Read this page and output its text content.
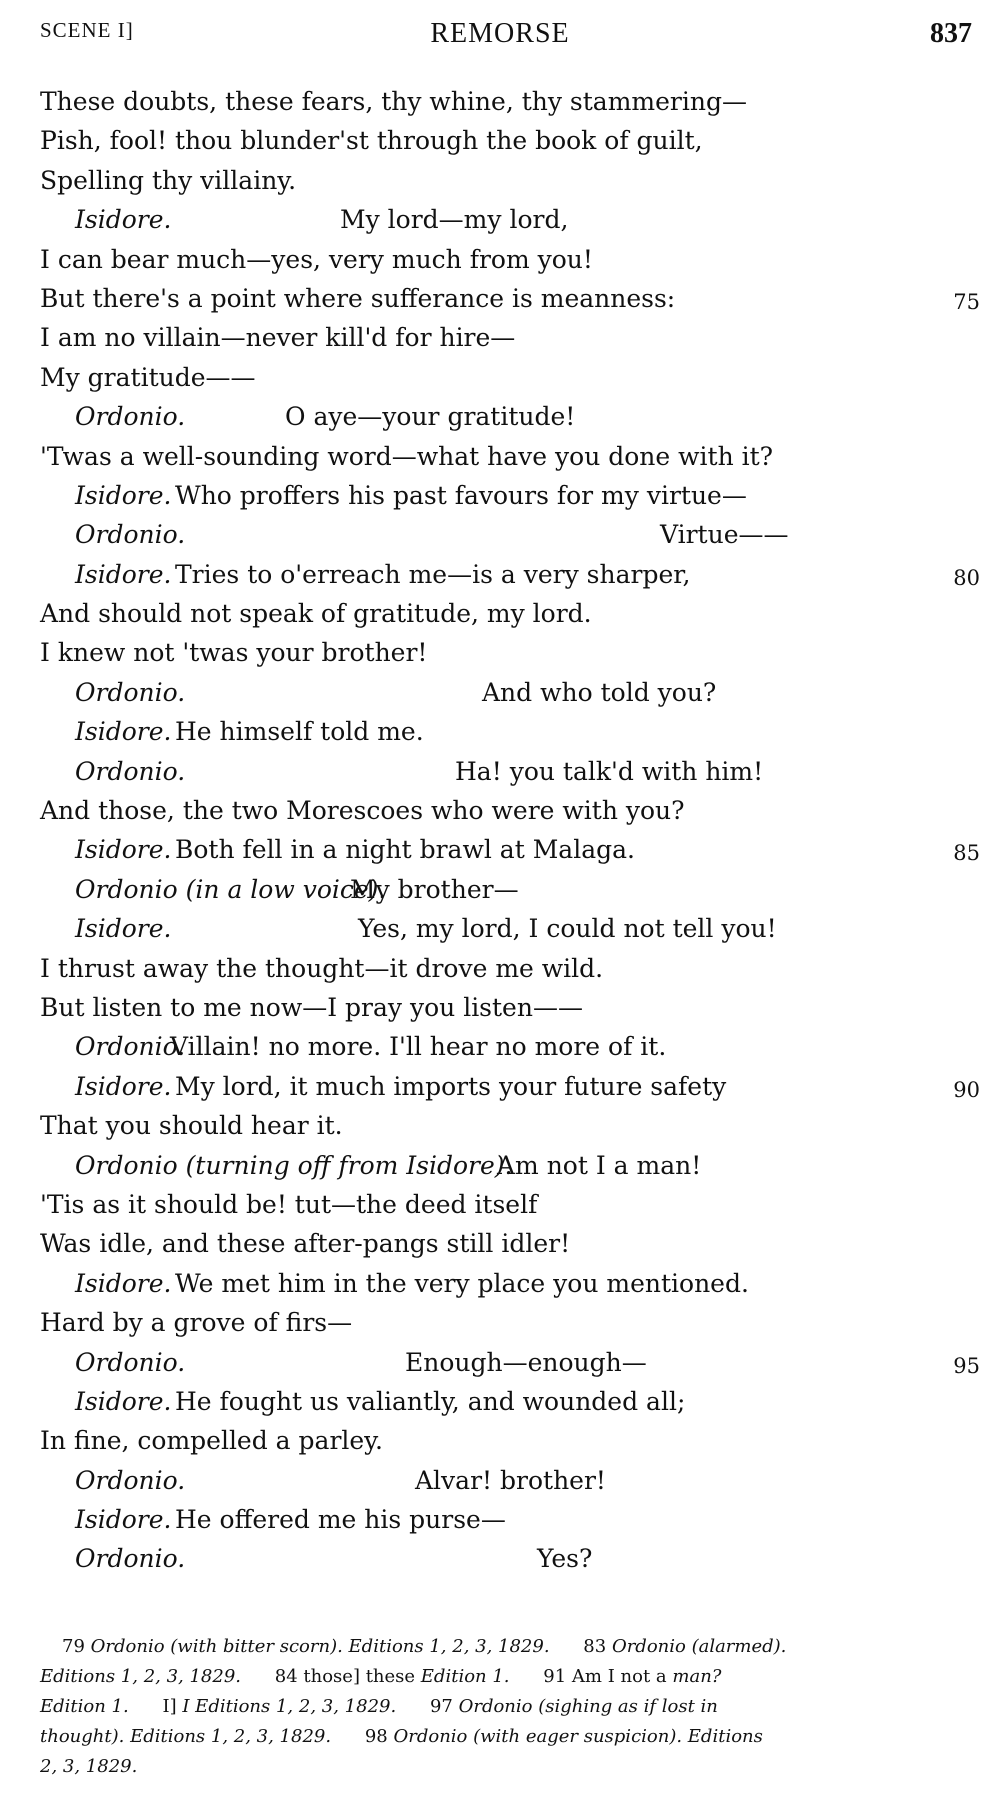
SCENE I]	REMORSE	837
These doubts, these fears, thy whine, thy stammering—
Pish, fool! thou blunder'st through the book of guilt,
Spelling thy villainy.
Isidore.	My lord—my lord,
I can bear much—yes, very much from you!
But there's a point where sufferance is meanness:	75
I am no villain—never kill'd for hire—
My gratitude——
Ordonio.	O aye—your gratitude!
'Twas a well-sounding word—what have you done with it?
Isidore. Who proffers his past favours for my virtue—
Ordonio.	Virtue——
Isidore. Tries to o'erreach me—is a very sharper,	80
And should not speak of gratitude, my lord.
I knew not 'twas your brother!
Ordonio.	And who told you?
Isidore. He himself told me.
Ordonio.	Ha! you talk'd with him!
And those, the two Morescoes who were with you?
Isidore. Both fell in a night brawl at Malaga.	85
Ordonio (in a low voice).
My brother—
Isidore.	Yes, my lord, I could not tell you!
I thrust away the thought—it drove me wild.
But listen to me now—I pray you listen——
Ordonio.
Villain! no more. I'll hear no more of it.
Isidore. My lord, it much imports your future safety	90
That you should hear it.
Ordonio (turning off from Isidore).
Am not I a man!
'Tis as it should be! tut—the deed itself
Was idle, and these after-pangs still idler!
Isidore. We met him in the very place you mentioned.
Hard by a grove of firs—
Ordonio.	Enough—enough—	95
Isidore. He fought us valiantly, and wounded all;
In fine, compelled a parley.
Ordonio.	Alvar! brother!
Isidore. He offered me his purse—
Ordonio.	Yes?
79 Ordonio (with bitter scorn). Editions 1, 2, 3, 1829. 83 Ordonio (alarmed).
Editions 1, 2, 3, 1829. 84 those] these Edition 1. 91 Am I not a man?
Edition 1. I] I Editions 1, 2, 3, 1829. 97 Ordonio (sighing as if lost in
thought). Editions 1, 2, 3, 1829. 98 Ordonio (with eager suspicion). Editions
2, 3, 1829.
